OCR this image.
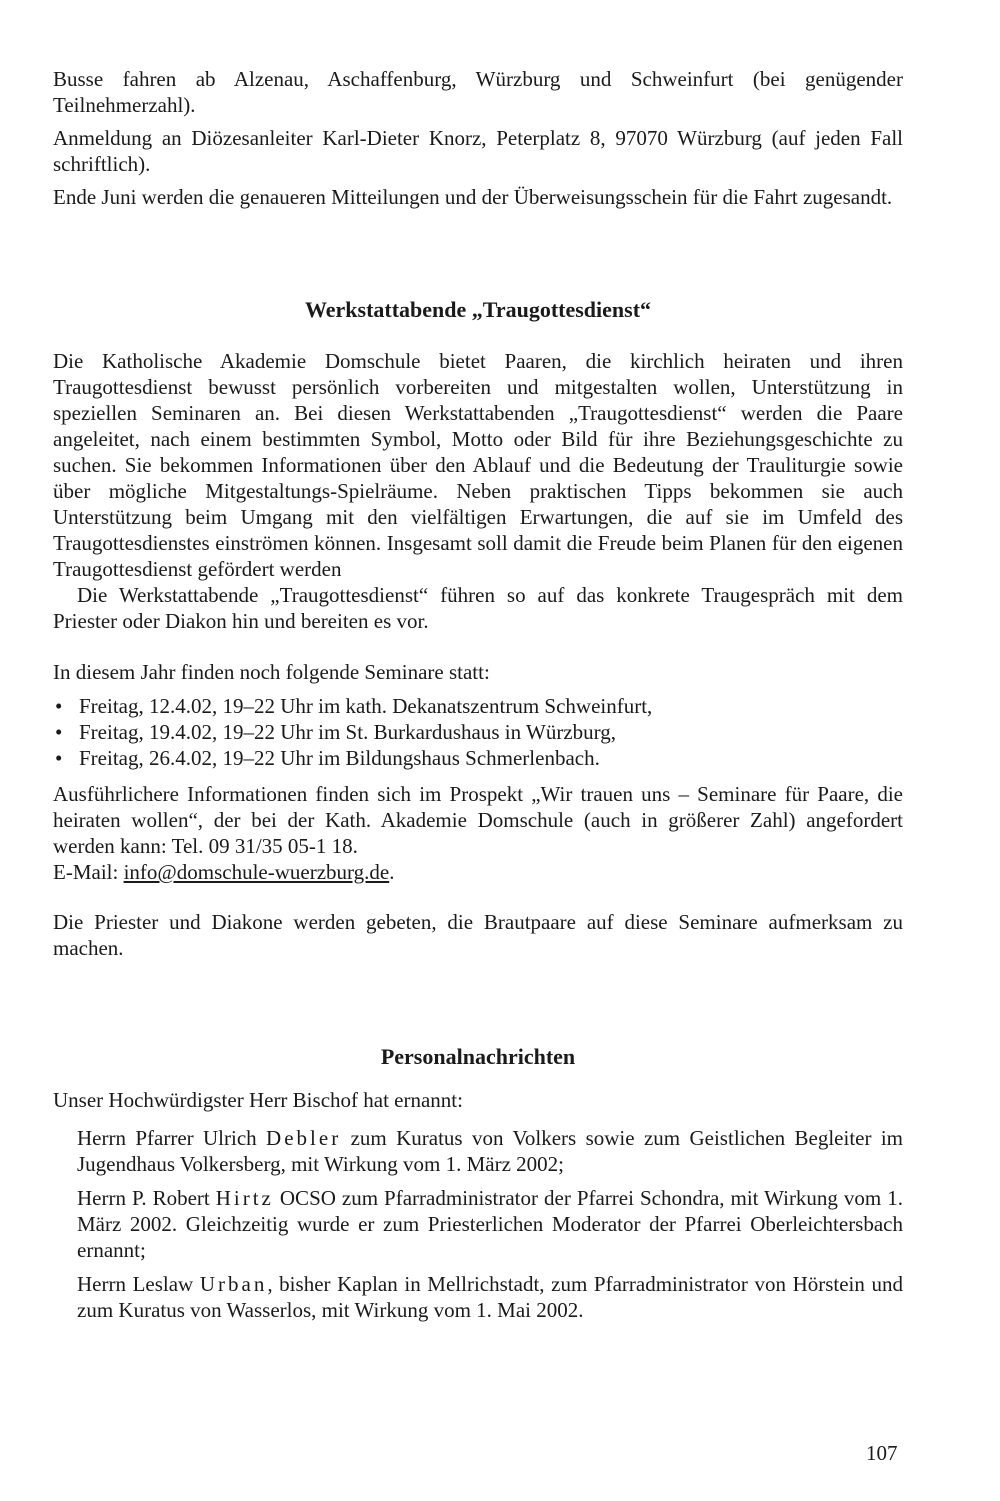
Busse fahren ab Alzenau, Aschaffenburg, Würzburg und Schweinfurt (bei genügender Teilnehmerzahl).

Anmeldung an Diözesanleiter Karl-Dieter Knorz, Peterplatz 8, 97070 Würzburg (auf jeden Fall schriftlich).

Ende Juni werden die genaueren Mitteilungen und der Überweisungsschein für die Fahrt zugesandt.

Werkstattabende „Traugottesdienst“

Die Katholische Akademie Domschule bietet Paaren, die kirchlich heiraten und ihren Traugottesdienst bewusst persönlich vorbereiten und mitgestalten wollen, Unterstützung in speziellen Seminaren an. Bei diesen Werkstattabenden „Traugottesdienst“ werden die Paare angeleitet, nach einem bestimmten Symbol, Motto oder Bild für ihre Beziehungsgeschichte zu suchen. Sie bekommen Informationen über den Ablauf und die Bedeutung der Trauliturgie sowie über mögliche Mitgestaltungs-Spielräume. Neben praktischen Tipps bekommen sie auch Unterstützung beim Umgang mit den vielfältigen Erwartungen, die auf sie im Umfeld des Traugottesdienstes einströmen können. Insgesamt soll damit die Freude beim Planen für den eigenen Traugottesdienst gefördert werden

Die Werkstattabende „Traugottesdienst“ führen so auf das konkrete Traugespräch mit dem Priester oder Diakon hin und bereiten es vor.

In diesem Jahr finden noch folgende Seminare statt:

• Freitag, 12.4.02, 19–22 Uhr im kath. Dekanatszentrum Schweinfurt,
• Freitag, 19.4.02, 19–22 Uhr im St. Burkardushaus in Würzburg,
• Freitag, 26.4.02, 19–22 Uhr im Bildungshaus Schmerlenbach.

Ausführlichere Informationen finden sich im Prospekt „Wir trauen uns – Seminare für Paare, die heiraten wollen“, der bei der Kath. Akademie Domschule (auch in größerer Zahl) angefordert werden kann: Tel. 09 31/35 05-1 18.

E-Mail: info@domschule-wuerzburg.de.

Die Priester und Diakone werden gebeten, die Brautpaare auf diese Seminare aufmerksam zu machen.

Personalnachrichten

Unser Hochwürdigster Herr Bischof hat ernannt:

Herrn Pfarrer Ulrich Debler zum Kuratus von Volkers sowie zum Geistlichen Begleiter im Jugendhaus Volkersberg, mit Wirkung vom 1. März 2002;

Herrn P. Robert Hirtz OCSO zum Pfarradministrator der Pfarrei Schondra, mit Wirkung vom 1. März 2002. Gleichzeitig wurde er zum Priesterlichen Moderator der Pfarrei Oberleichtersbach ernannt;

Herrn Leslaw Urban, bisher Kaplan in Mellrichstadt, zum Pfarradministrator von Hörstein und zum Kuratus von Wasserlos, mit Wirkung vom 1. Mai 2002.

107
